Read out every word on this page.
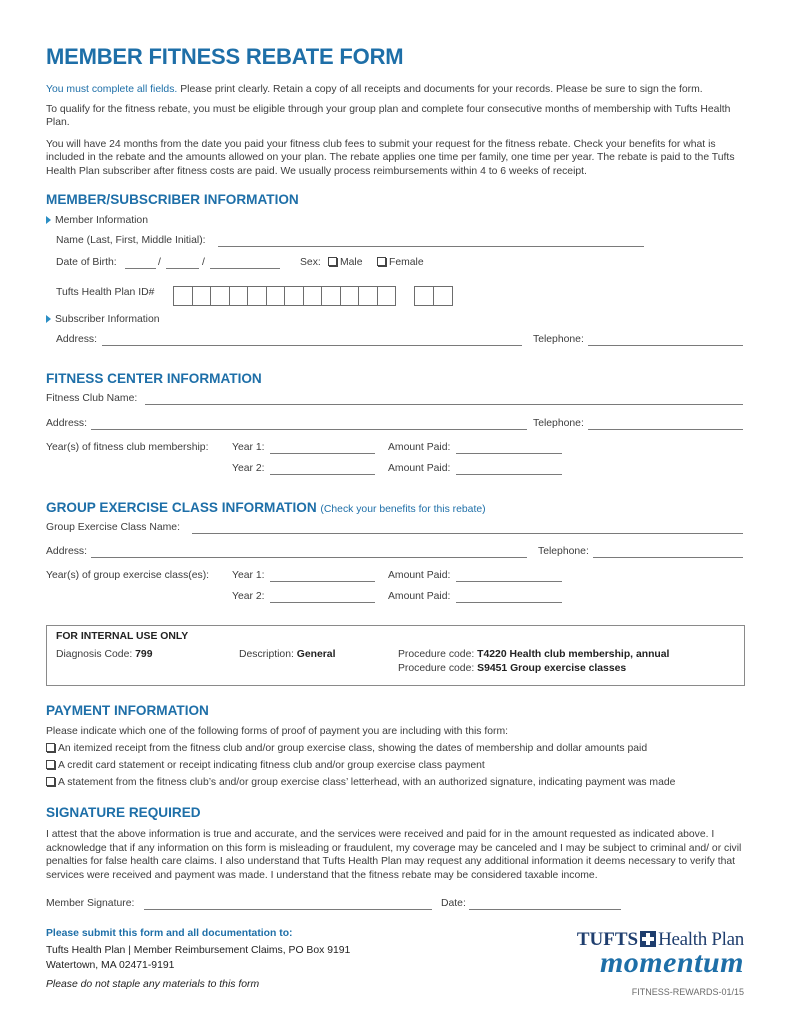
MEMBER FITNESS REBATE FORM
You must complete all fields. Please print clearly. Retain a copy of all receipts and documents for your records. Please be sure to sign the form.
To qualify for the fitness rebate, you must be eligible through your group plan and complete four consecutive months of membership with Tufts Health Plan.
You will have 24 months from the date you paid your fitness club fees to submit your request for the fitness rebate. Check your benefits for what is included in the rebate and the amounts allowed on your plan. The rebate applies one time per family, one time per year. The rebate is paid to the Tufts Health Plan subscriber after fitness costs are paid. We usually process reimbursements within 4 to 6 weeks of receipt.
MEMBER/SUBSCRIBER INFORMATION
Member Information
Name (Last, First, Middle Initial):
Date of Birth:	/	/	Sex:	Male	Female
Tufts Health Plan ID#
Subscriber Information
Address:	Telephone:
FITNESS CENTER INFORMATION
Fitness Club Name:
Address:	Telephone:
Year(s) of fitness club membership: Year 1:	Amount Paid:
Year 2:	Amount Paid:
GROUP EXERCISE CLASS INFORMATION (Check your benefits for this rebate)
Group Exercise Class Name:
Address:	Telephone:
Year(s) of group exercise class(es): Year 1:	Amount Paid:
Year 2:	Amount Paid:
FOR INTERNAL USE ONLY
Diagnosis Code: 799	Description: General	Procedure code: T4220 Health club membership, annual
Procedure code: S9451 Group exercise classes
PAYMENT INFORMATION
Please indicate which one of the following forms of proof of payment you are including with this form:
An itemized receipt from the fitness club and/or group exercise class, showing the dates of membership and dollar amounts paid
A credit card statement or receipt indicating fitness club and/or group exercise class payment
A statement from the fitness club’s and/or group exercise class’ letterhead, with an authorized signature, indicating payment was made
SIGNATURE REQUIRED
I attest that the above information is true and accurate, and the services were received and paid for in the amount requested as indicated above. I acknowledge that if any information on this form is misleading or fraudulent, my coverage may be canceled and I may be subject to criminal and/ or civil penalties for false health care claims. I also understand that Tufts Health Plan may request any additional information it deems necessary to verify that services were received and payment was made. I understand that the fitness rebate may be considered taxable income.
Member Signature:	Date:
Please submit this form and all documentation to:
Tufts Health Plan | Member Reimbursement Claims, PO Box 9191
Watertown, MA 02471-9191
Please do not staple any materials to this form
TUFTS Health Plan
momentum
FITNESS-REWARDS-01/15
